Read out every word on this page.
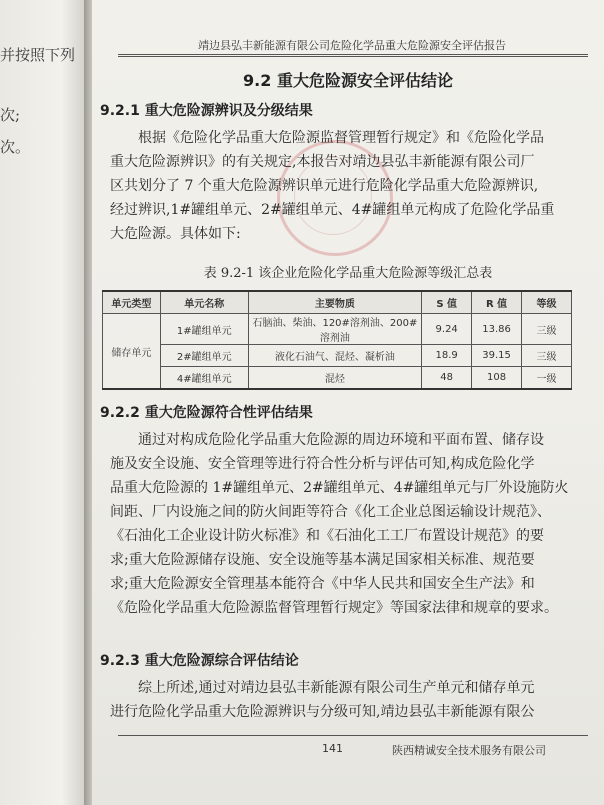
并按照下列
次;
次。
靖边县弘丰新能源有限公司危险化学品重大危险源安全评估报告
9.2 重大危险源安全评估结论
9.2.1 重大危险源辨识及分级结果
根据《危险化学品重大危险源监督管理暂行规定》和《危险化学品
重大危险源辨识》的有关规定,本报告对靖边县弘丰新能源有限公司厂
区共划分了 7 个重大危险源辨识单元进行危险化学品重大危险源辨识,
经过辨识,1#罐组单元、2#罐组单元、4#罐组单元构成了危险化学品重
大危险源。具体如下:
表 9.2-1 该企业危险化学品重大危险源等级汇总表
单元类型	单元名称	主要物质	S 值	R 值	等级
储存单元	1#罐组单元	石脑油、柴油、120#溶剂油、200#溶剂油	9.24	13.86	三级
	2#罐组单元	液化石油气、混烃、凝析油	18.9	39.15	三级
	4#罐组单元	混烃	48	108	一级
9.2.2 重大危险源符合性评估结果
通过对构成危险化学品重大危险源的周边环境和平面布置、储存设
施及安全设施、安全管理等进行符合性分析与评估可知,构成危险化学
品重大危险源的 1#罐组单元、2#罐组单元、4#罐组单元与厂外设施防火
间距、厂内设施之间的防火间距等符合《化工企业总图运输设计规范》、
《石油化工企业设计防火标准》和《石油化工工厂布置设计规范》的要
求;重大危险源储存设施、安全设施等基本满足国家相关标准、规范要
求;重大危险源安全管理基本能符合《中华人民共和国安全生产法》和
《危险化学品重大危险源监督管理暂行规定》等国家法律和规章的要求。
9.2.3 重大危险源综合评估结论
综上所述,通过对靖边县弘丰新能源有限公司生产单元和储存单元
进行危险化学品重大危险源辨识与分级可知,靖边县弘丰新能源有限公
141	陕西精诚安全技术服务有限公司
